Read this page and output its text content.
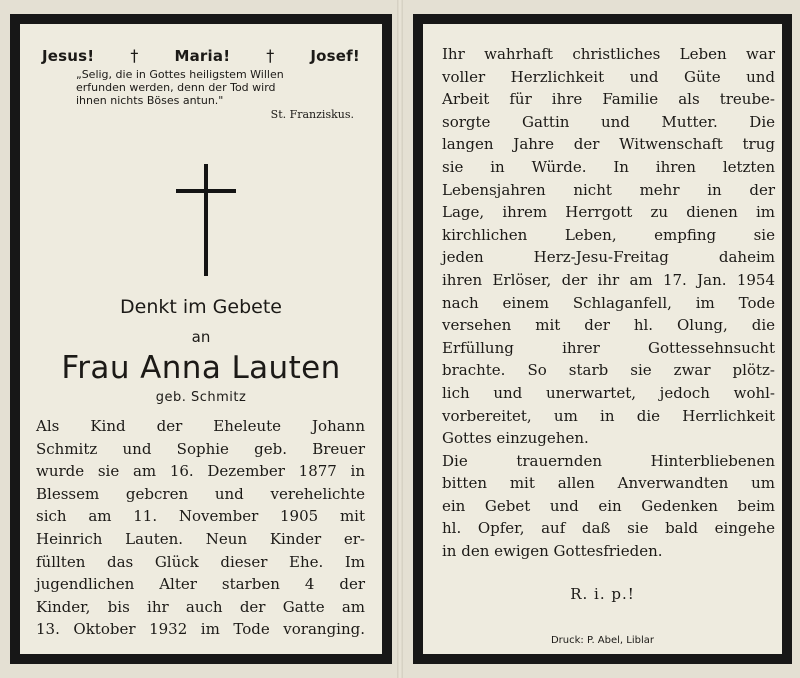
Jesus! † Maria! † Josef!
„Selig, die in Gottes heiligstem Willen
erfunden werden, denn der Tod wird
ihnen nichts Böses antun."
St. Franziskus.
Denkt im Gebete
an
Frau Anna Lauten
geb. Schmitz
Als Kind der Eheleute Johann
Schmitz und Sophie geb. Breuer
wurde sie am 16. Dezember 1877 in
Blessem gebcren und verehelichte
sich am 11. November 1905 mit
Heinrich Lauten. Neun Kinder er-
füllten das Glück dieser Ehe. Im
jugendlichen Alter starben 4 der
Kinder, bis ihr auch der Gatte am
13. Oktober 1932 im Tode voranging.
Ihr wahrhaft christliches Leben war
voller Herzlichkeit und Güte und
Arbeit für ihre Familie als treube-
sorgte Gattin und Mutter. Die
langen Jahre der Witwenschaft trug
sie in Würde. In ihren letzten
Lebensjahren nicht mehr in der
Lage, ihrem Herrgott zu dienen im
kirchlichen Leben, empfing sie
jeden Herz-Jesu-Freitag daheim
ihren Erlöser, der ihr am 17. Jan. 1954
nach einem Schlaganfell, im Tode
versehen mit der hl. Olung, die
Erfüllung ihrer Gottessehnsucht
brachte. So starb sie zwar plötz-
lich und unerwartet, jedoch wohl-
vorbereitet, um in die Herrlichkeit
Gottes einzugehen.
Die trauernden Hinterbliebenen
bitten mit allen Anverwandten um
ein Gebet und ein Gedenken beim
hl. Opfer, auf daß sie bald eingehe
in den ewigen Gottesfrieden.
R. i. p.!
Druck: P. Abel, Liblar
